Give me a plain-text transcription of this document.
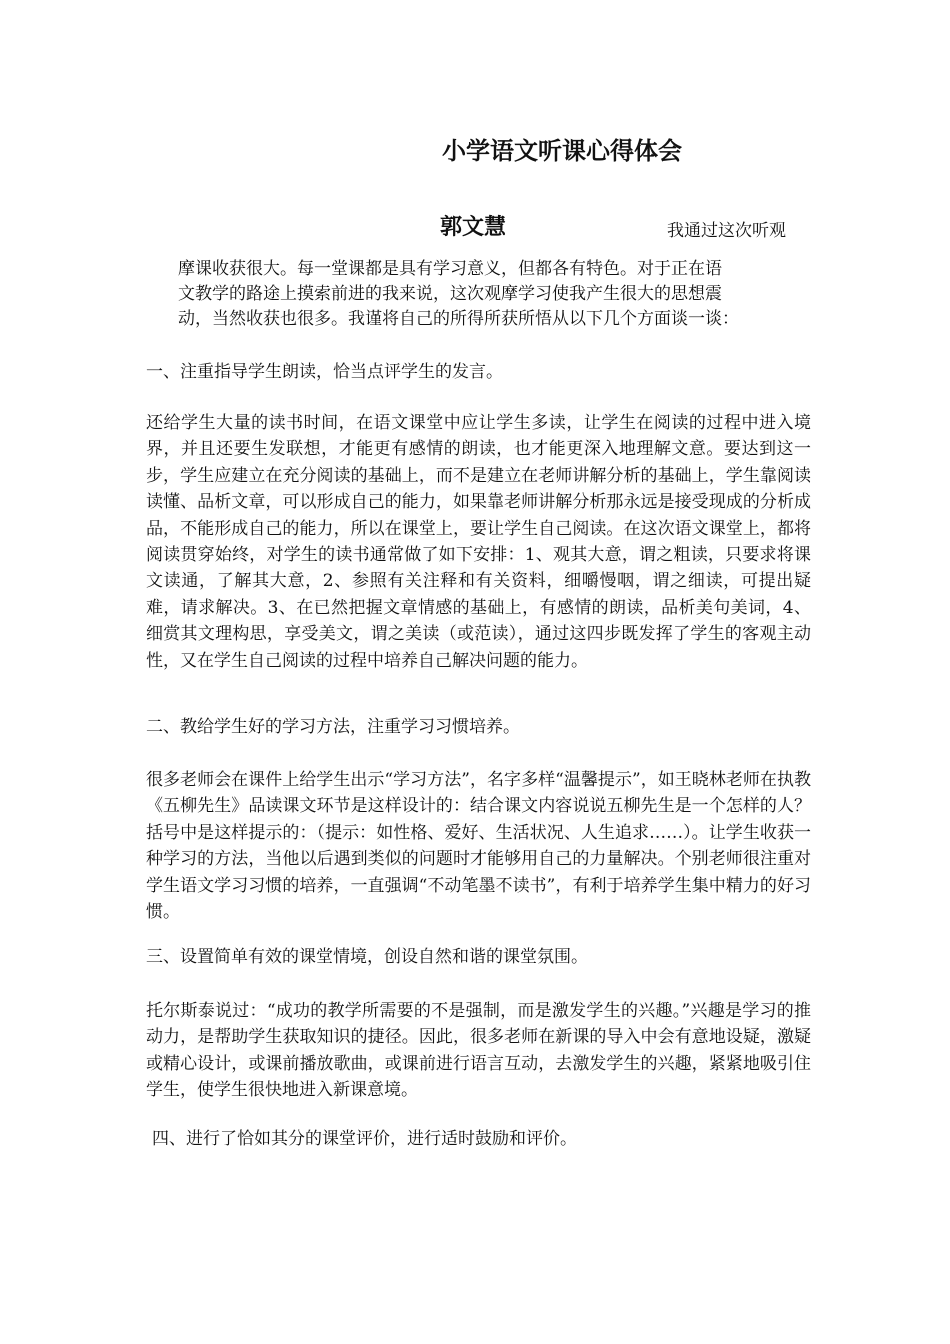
小学语文听课心得体会
郭文慧	我通过这次听观

摩课收获很大。每一堂课都是具有学习意义，但都各有特色。对于正在语

文教学的路途上摸索前进的我来说，这次观摩学习使我产生很大的思想震

动，当然收获也很多。我谨将自己的所得所获所悟从以下几个方面谈一谈：

一、注重指导学生朗读，恰当点评学生的发言。

还给学生大量的读书时间，在语文课堂中应让学生多读，让学生在阅读的过程中进入境界，并且还要生发联想，才能更有感情的朗读，也才能更深入地理解文意。要达到这一步，学生应建立在充分阅读的基础上，而不是建立在老师讲解分析的基础上，学生靠阅读读懂、品析文章，可以形成自己的能力，如果靠老师讲解分析那永远是接受现成的分析成品，不能形成自己的能力，所以在课堂上，要让学生自己阅读。在这次语文课堂上，都将阅读贯穿始终，对学生的读书通常做了如下安排：1、观其大意，谓之粗读，只要求将课文读通，了解其大意，2、参照有关注释和有关资料，细嚼慢咽，谓之细读，可提出疑难，请求解决。3、在已然把握文章情感的基础上，有感情的朗读，品析美句美词，4、细赏其文理构思，享受美文，谓之美读（或范读），通过这四步既发挥了学生的客观主动性，又在学生自己阅读的过程中培养自己解决问题的能力。

二、教给学生好的学习方法，注重学习习惯培养。

很多老师会在课件上给学生出示“学习方法”，名字多样“温馨提示”，如王晓林老师在执教《五柳先生》品读课文环节是这样设计的：结合课文内容说说五柳先生是一个怎样的人？括号中是这样提示的：（提示：如性格、爱好、生活状况、人生追求……）。让学生收获一种学习的方法，当他以后遇到类似的问题时才能够用自己的力量解决。个别老师很注重对学生语文学习习惯的培养，一直强调“不动笔墨不读书”，有利于培养学生集中精力的好习惯。

三、设置简单有效的课堂情境，创设自然和谐的课堂氛围。

托尔斯泰说过：“成功的教学所需要的不是强制，而是激发学生的兴趣。”兴趣是学习的推动力，是帮助学生获取知识的捷径。因此，很多老师在新课的导入中会有意地设疑，激疑或精心设计，或课前播放歌曲，或课前进行语言互动，去激发学生的兴趣，紧紧地吸引住学生，使学生很快地进入新课意境。

四、进行了恰如其分的课堂评价，进行适时鼓励和评价。
